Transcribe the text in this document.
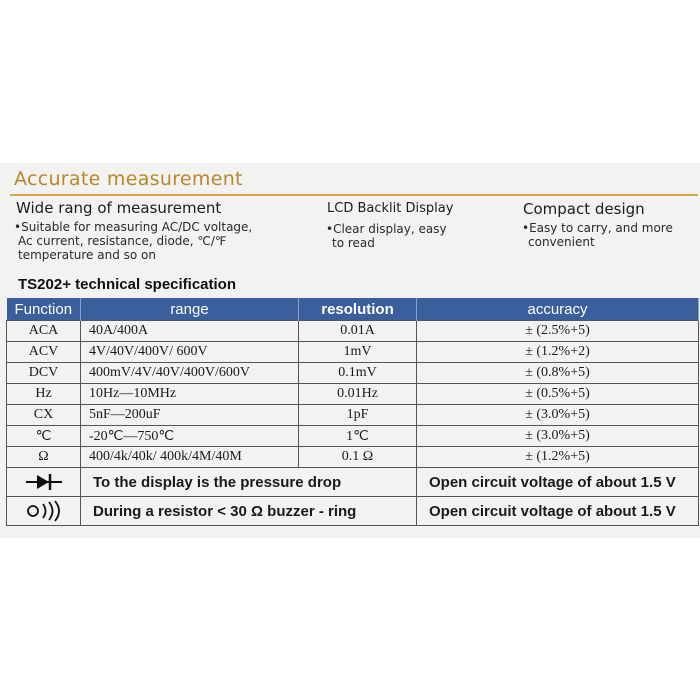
Accurate measurement
Wide rang of measurement
•Suitable for measuring AC/DC voltage,
Ac current, resistance, diode, ℃/℉
temperature and so on
LCD Backlit Display
•Clear display, easy
to read
Compact design
•Easy to carry, and more
convenient
TS202+ technical specification
Function	range	resolution	accuracy
ACA	40A/400A	0.01A	± (2.5%+5)
ACV	4V/40V/400V/ 600V	1mV	± (1.2%+2)
DCV	400mV/4V/40V/400V/600V	0.1mV	± (0.8%+5)
Hz	10Hz—10MHz	0.01Hz	± (0.5%+5)
CX	5nF—200uF	1pF	± (3.0%+5)
℃	-20℃—750℃	1℃	± (3.0%+5)
Ω	400/4k/40k/ 400k/4M/40M	0.1 Ω	± (1.2%+5)

	To the display is the pressure drop		Open circuit voltage of about 1.5 V

	During a resistor < 30 Ω buzzer - ring		Open circuit voltage of about 1.5 V
